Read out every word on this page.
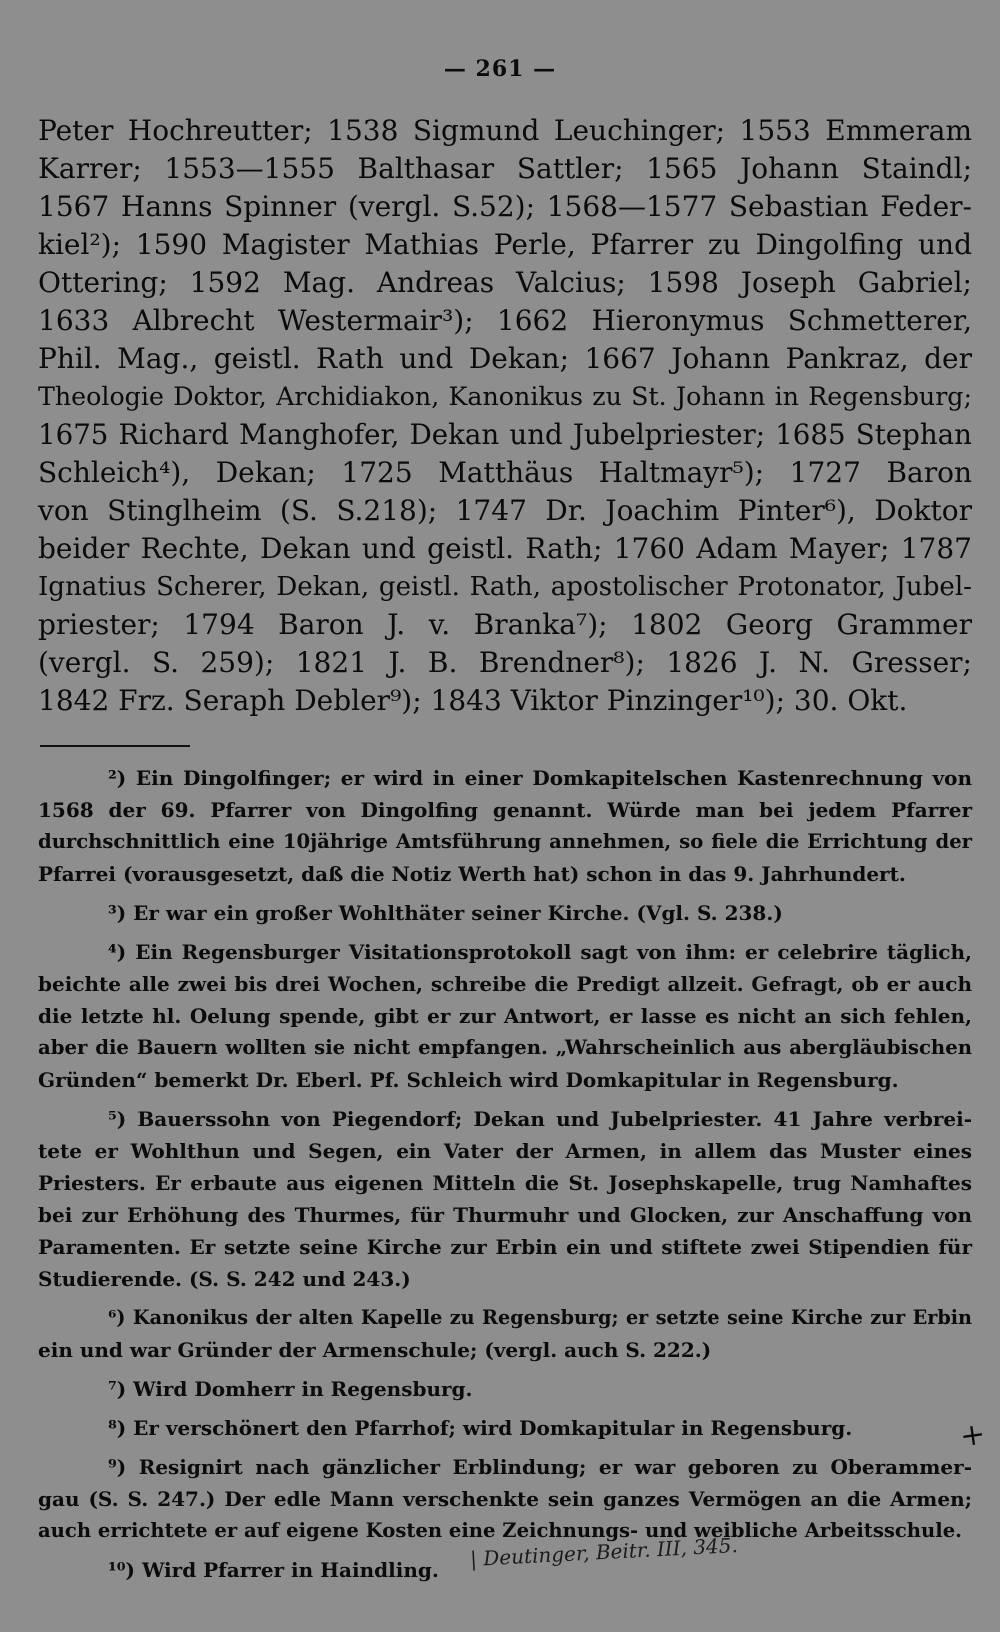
— 261 —
Peter Hochreutter; 1538 Sigmund Leuchinger; 1553 Emmeram
Karrer; 1553—1555 Balthasar Sattler; 1565 Johann Staindl;
1567 Hanns Spinner (vergl. S.52); 1568—1577 Sebastian Feder-
kiel²); 1590 Magister Mathias Perle, Pfarrer zu Dingolfing und
Ottering; 1592 Mag. Andreas Valcius; 1598 Joseph Gabriel;
1633 Albrecht Westermair³); 1662 Hieronymus Schmetterer,
Phil. Mag., geistl. Rath und Dekan; 1667 Johann Pankraz, der
Theologie Doktor, Archidiakon, Kanonikus zu St. Johann in Regensburg;
1675 Richard Manghofer, Dekan und Jubelpriester; 1685 Stephan
Schleich⁴), Dekan; 1725 Matthäus Haltmayr⁵); 1727 Baron
von Stinglheim (S. S.218); 1747 Dr. Joachim Pinter⁶), Doktor
beider Rechte, Dekan und geistl. Rath; 1760 Adam Mayer; 1787
Ignatius Scherer, Dekan, geistl. Rath, apostolischer Protonator, Jubel-
priester; 1794 Baron J. v. Branka⁷); 1802 Georg Grammer
(vergl. S. 259); 1821 J. B. Brendner⁸); 1826 J. N. Gresser;
1842 Frz. Seraph Debler⁹); 1843 Viktor Pinzinger¹⁰); 30. Okt.
²) Ein Dingolfinger; er wird in einer Domkapitelschen Kastenrechnung von
1568 der 69. Pfarrer von Dingolfing genannt. Würde man bei jedem Pfarrer
durchschnittlich eine 10jährige Amtsführung annehmen, so fiele die Errichtung der
Pfarrei (vorausgesetzt, daß die Notiz Werth hat) schon in das 9. Jahrhundert.
³) Er war ein großer Wohlthäter seiner Kirche. (Vgl. S. 238.)
⁴) Ein Regensburger Visitationsprotokoll sagt von ihm: er celebrire täglich,
beichte alle zwei bis drei Wochen, schreibe die Predigt allzeit. Gefragt, ob er auch
die letzte hl. Oelung spende, gibt er zur Antwort, er lasse es nicht an sich fehlen,
aber die Bauern wollten sie nicht empfangen. „Wahrscheinlich aus abergläubischen
Gründen“ bemerkt Dr. Eberl. Pf. Schleich wird Domkapitular in Regensburg.
⁵) Bauerssohn von Piegendorf; Dekan und Jubelpriester. 41 Jahre verbrei-
tete er Wohlthun und Segen, ein Vater der Armen, in allem das Muster eines
Priesters. Er erbaute aus eigenen Mitteln die St. Josephskapelle, trug Namhaftes
bei zur Erhöhung des Thurmes, für Thurmuhr und Glocken, zur Anschaffung von
Paramenten. Er setzte seine Kirche zur Erbin ein und stiftete zwei Stipendien für
Studierende. (S. S. 242 und 243.)
⁶) Kanonikus der alten Kapelle zu Regensburg; er setzte seine Kirche zur Erbin
ein und war Gründer der Armenschule; (vergl. auch S. 222.)
⁷) Wird Domherr in Regensburg.
⁸) Er verschönert den Pfarrhof; wird Domkapitular in Regensburg.
⁹) Resignirt nach gänzlicher Erblindung; er war geboren zu Oberammer-
gau (S. S. 247.) Der edle Mann verschenkte sein ganzes Vermögen an die Armen;
auch errichtete er auf eigene Kosten eine Zeichnungs- und weibliche Arbeitsschule.
¹⁰) Wird Pfarrer in Haindling.
+
| Deutinger, Beitr. III, 345.
